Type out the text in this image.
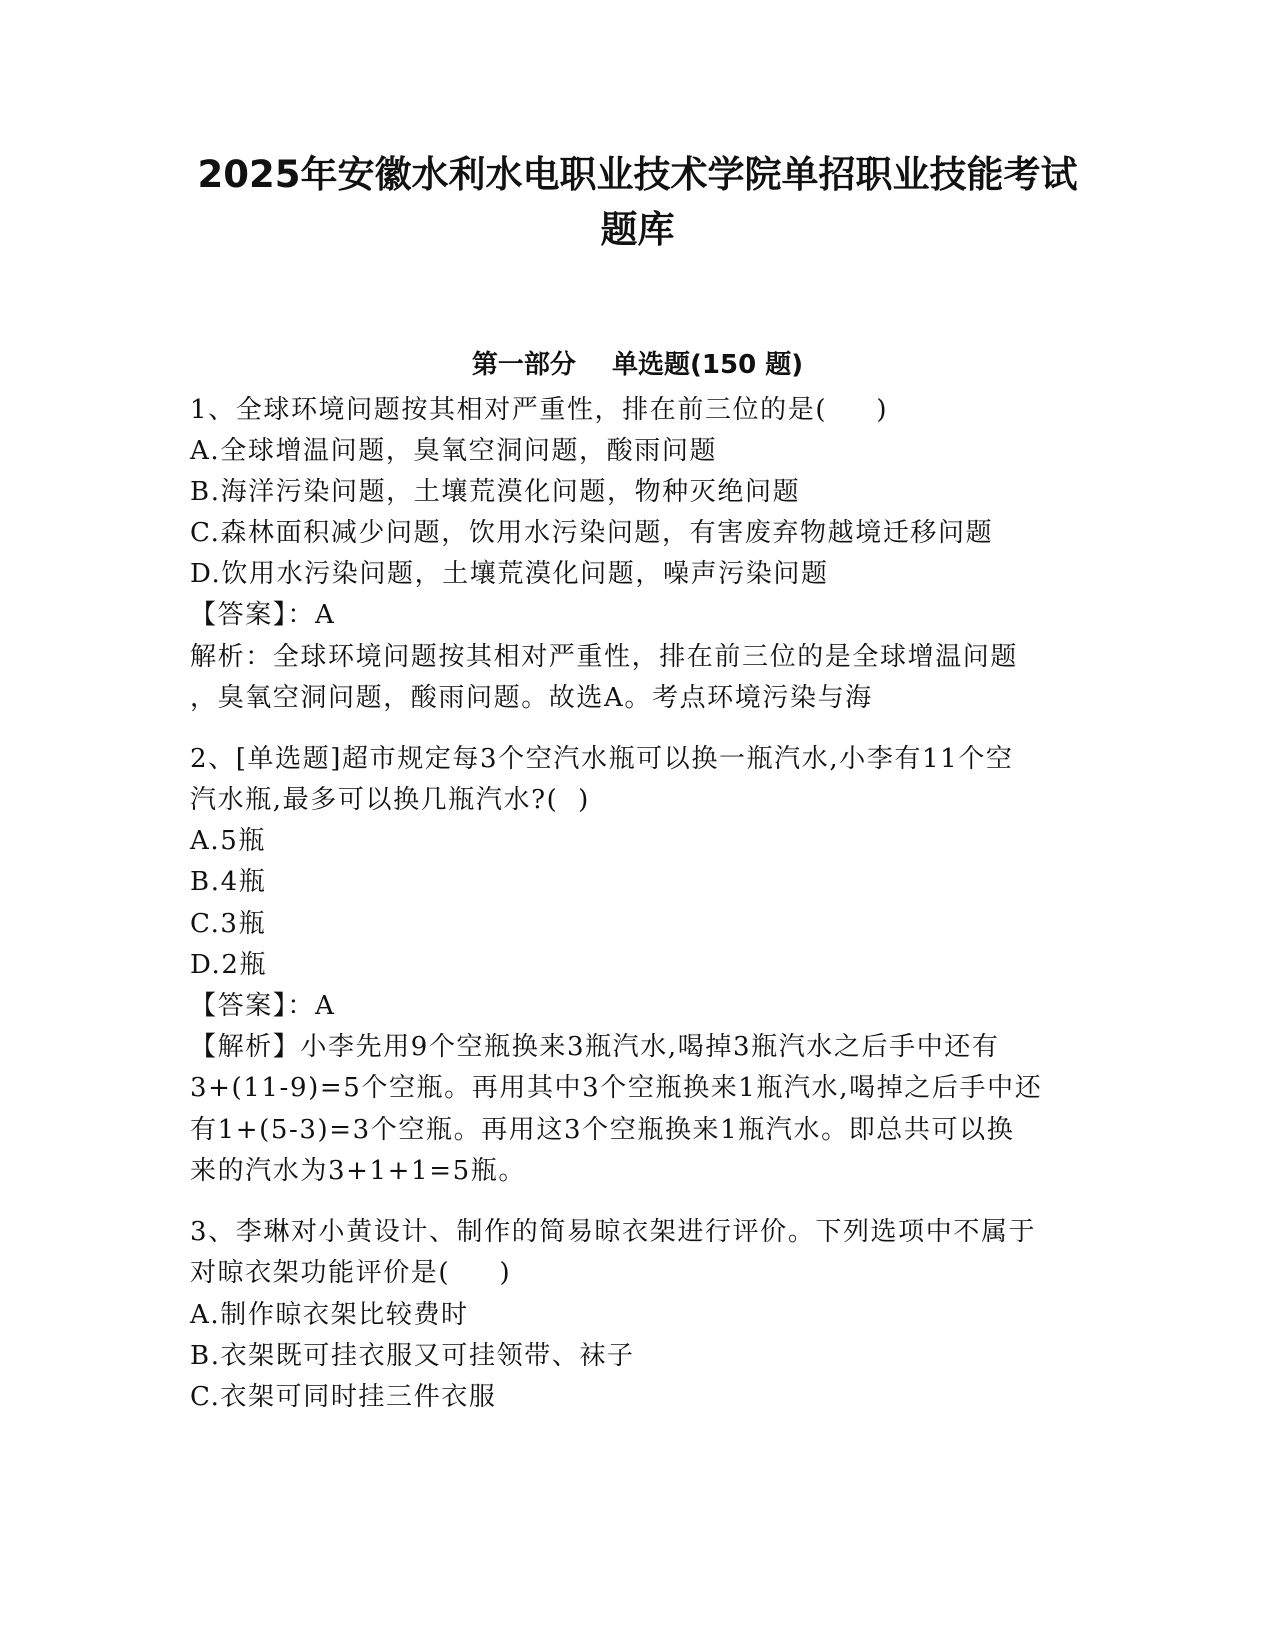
2025年安徽水利水电职业技术学院单招职业技能考试
题库
第一部分    单选题(150 题)
1、全球环境问题按其相对严重性，排在前三位的是(     )
A.全球增温问题，臭氧空洞问题，酸雨问题
B.海洋污染问题，土壤荒漠化问题，物种灭绝问题
C.森林面积减少问题，饮用水污染问题，有害废弃物越境迁移问题
D.饮用水污染问题，土壤荒漠化问题，噪声污染问题
【答案】：A
解析：全球环境问题按其相对严重性，排在前三位的是全球增温问题
，臭氧空洞问题，酸雨问题。故选A。考点环境污染与海
2、[单选题]超市规定每3个空汽水瓶可以换一瓶汽水,小李有11个空
汽水瓶,最多可以换几瓶汽水?(  )
A.5瓶
B.4瓶
C.3瓶
D.2瓶
【答案】：A
【解析】小李先用9个空瓶换来3瓶汽水,喝掉3瓶汽水之后手中还有
3+(11-9)=5个空瓶。再用其中3个空瓶换来1瓶汽水,喝掉之后手中还
有1+(5-3)=3个空瓶。再用这3个空瓶换来1瓶汽水。即总共可以换
来的汽水为3+1+1=5瓶。
3、李琳对小黄设计、制作的简易晾衣架进行评价。下列选项中不属于
对晾衣架功能评价是(     )
A.制作晾衣架比较费时
B.衣架既可挂衣服又可挂领带、袜子
C.衣架可同时挂三件衣服
